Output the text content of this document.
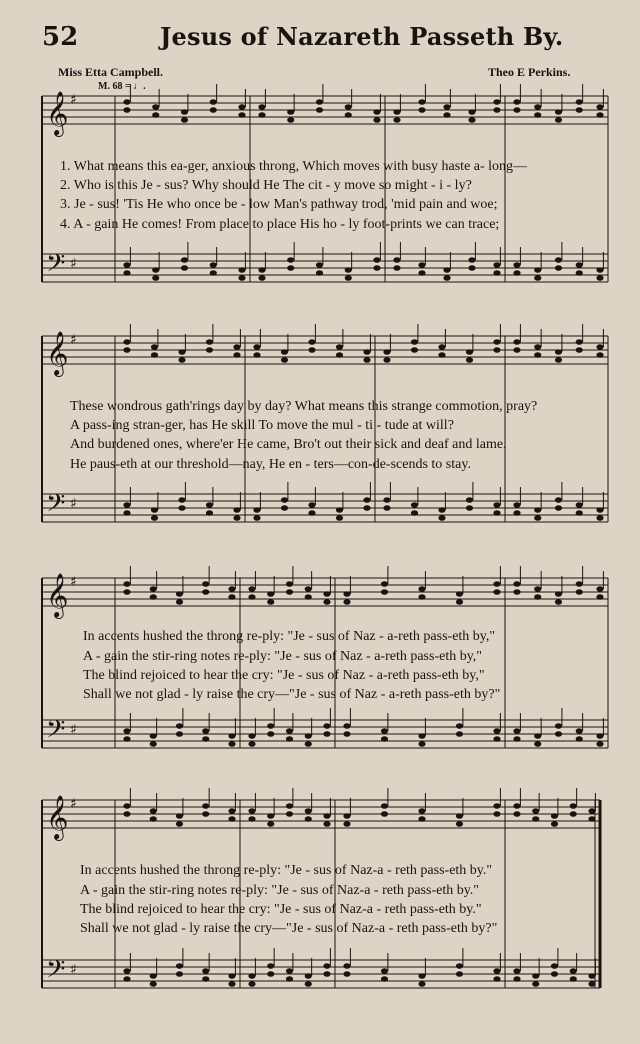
52	Jesus of Nazareth Passeth By.
Miss Etta Campbell.	Theo E Perkins.
M. 68 = ♩.
𝄞 ♯
𝄢 ♯
1. What means this ea-ger, anxious throng, Which moves with busy haste a- long—
2. Who is this Je - sus? Why should He The cit - y move so might - i - ly?
3. Je - sus! 'Tis He who once be - low Man's pathway trod, 'mid pain and woe;
4. A - gain He comes! From place to place His ho - ly foot-prints we can trace;
𝄞 ♯
𝄢 ♯
These wondrous gath'rings day by day? What means this strange commotion, pray?
A pass-ing stran-ger, has He skill To move the mul - ti - tude at will?
And burdened ones, where'er He came, Bro't out their sick and deaf and lame.
He paus-eth at our threshold—nay, He en - ters—con-de-scends to stay.
𝄞 ♯
𝄢 ♯
In accents hushed the throng re-ply: "Je - sus of Naz - a-reth pass-eth by,"
A - gain the stir-ring notes re-ply: "Je - sus of Naz - a-reth pass-eth by,"
The blind rejoiced to hear the cry: "Je - sus of Naz - a-reth pass-eth by,"
Shall we not glad - ly raise the cry—"Je - sus of Naz - a-reth pass-eth by?"
𝄞 ♯
𝄢 ♯
In accents hushed the throng re-ply: "Je - sus of Naz-a - reth pass-eth by."
A - gain the stir-ring notes re-ply: "Je - sus of Naz-a - reth pass-eth by."
The blind rejoiced to hear the cry: "Je - sus of Naz-a - reth pass-eth by."
Shall we not glad - ly raise the cry—"Je - sus of Naz-a - reth pass-eth by?"
